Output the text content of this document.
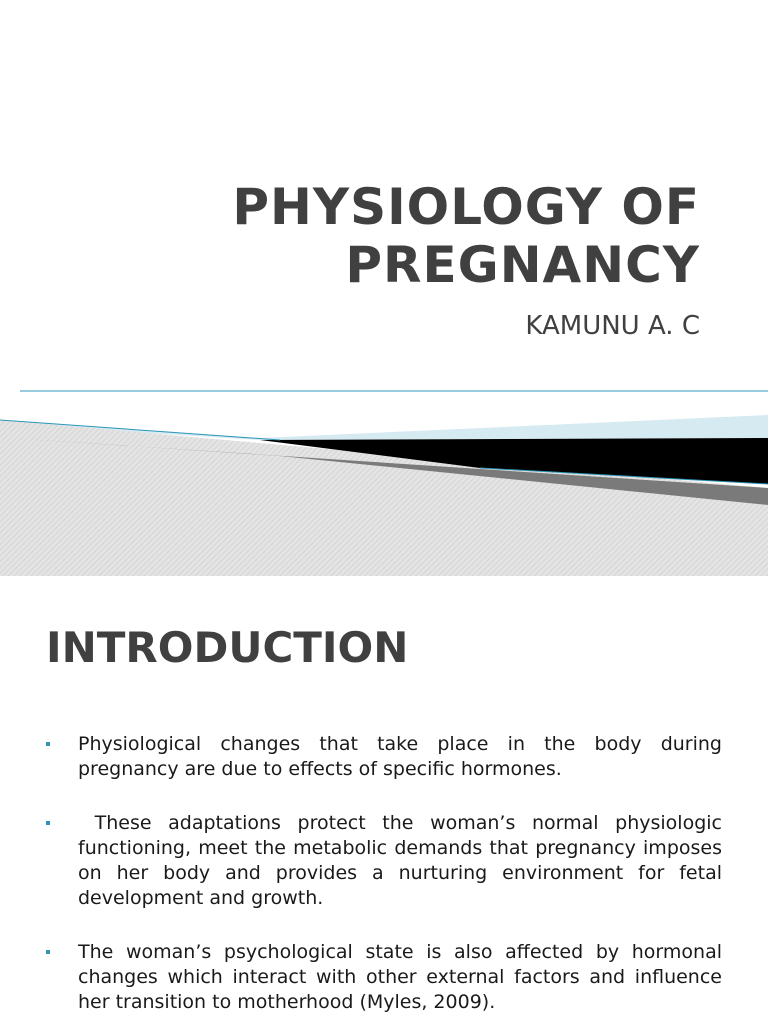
PHYSIOLOGY OF
PREGNANCY
KAMUNU A. C
INTRODUCTION
Physiological changes that take place in the body during pregnancy are due to effects of specific hormones.
These adaptations protect the woman’s normal physiologic functioning, meet the metabolic demands that pregnancy imposes on her body and provides a nurturing environment for fetal development and growth.
The woman’s psychological state is also affected by hormonal changes which interact with other external factors and influence her transition to motherhood (Myles, 2009).
